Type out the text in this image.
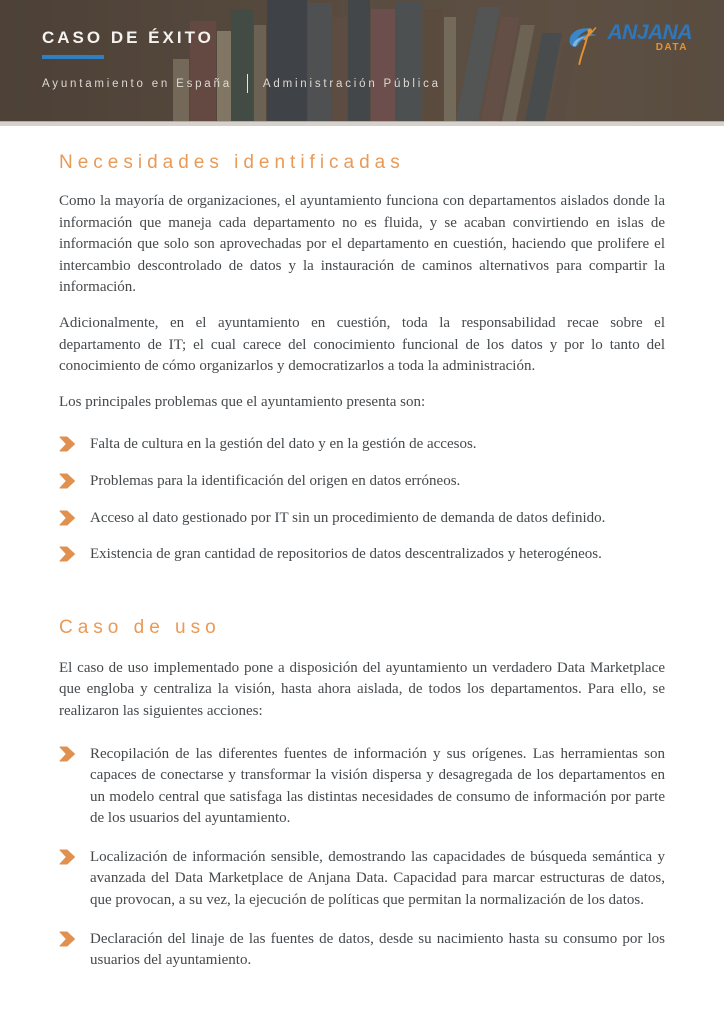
CASO DE ÉXITO
Ayuntamiento en España	Administración Pública
ANJANA
DATA
Necesidades identificadas

Como la mayoría de organizaciones, el ayuntamiento funciona con departamentos aislados donde la información que maneja cada departamento no es fluida, y se acaban convirtiendo en islas de información que solo son aprovechadas por el departamento en cuestión, haciendo que prolifere el intercambio descontrolado de datos y la instauración de caminos alternativos para compartir la información.

Adicionalmente, en el ayuntamiento en cuestión, toda la responsabilidad recae sobre el departamento de IT; el cual carece del conocimiento funcional de los datos y por lo tanto del conocimiento de cómo organizarlos y democratizarlos a toda la administración.

Los principales problemas que el ayuntamiento presenta son:

Falta de cultura en la gestión del dato y en la gestión de accesos.
Problemas para la identificación del origen en datos erróneos.
Acceso al dato gestionado por IT sin un procedimiento de demanda de datos definido.
Existencia de gran cantidad de repositorios de datos descentralizados y heterogéneos.
Caso de uso

El caso de uso implementado pone a disposición del ayuntamiento un verdadero Data Marketplace que engloba y centraliza la visión, hasta ahora aislada, de todos los departamentos. Para ello, se realizaron las siguientes acciones:

Recopilación de las diferentes fuentes de información y sus orígenes. Las herramientas son capaces de conectarse y transformar la visión dispersa y desagregada de los departamentos en un modelo central que satisfaga las distintas necesidades de consumo de información por parte de los usuarios del ayuntamiento.
Localización de información sensible, demostrando las capacidades de búsqueda semántica y avanzada del Data Marketplace de Anjana Data. Capacidad para marcar estructuras de datos, que provocan, a su vez, la ejecución de políticas que permitan la normalización de los datos.
Declaración del linaje de las fuentes de datos, desde su nacimiento hasta su consumo por los usuarios del ayuntamiento.
